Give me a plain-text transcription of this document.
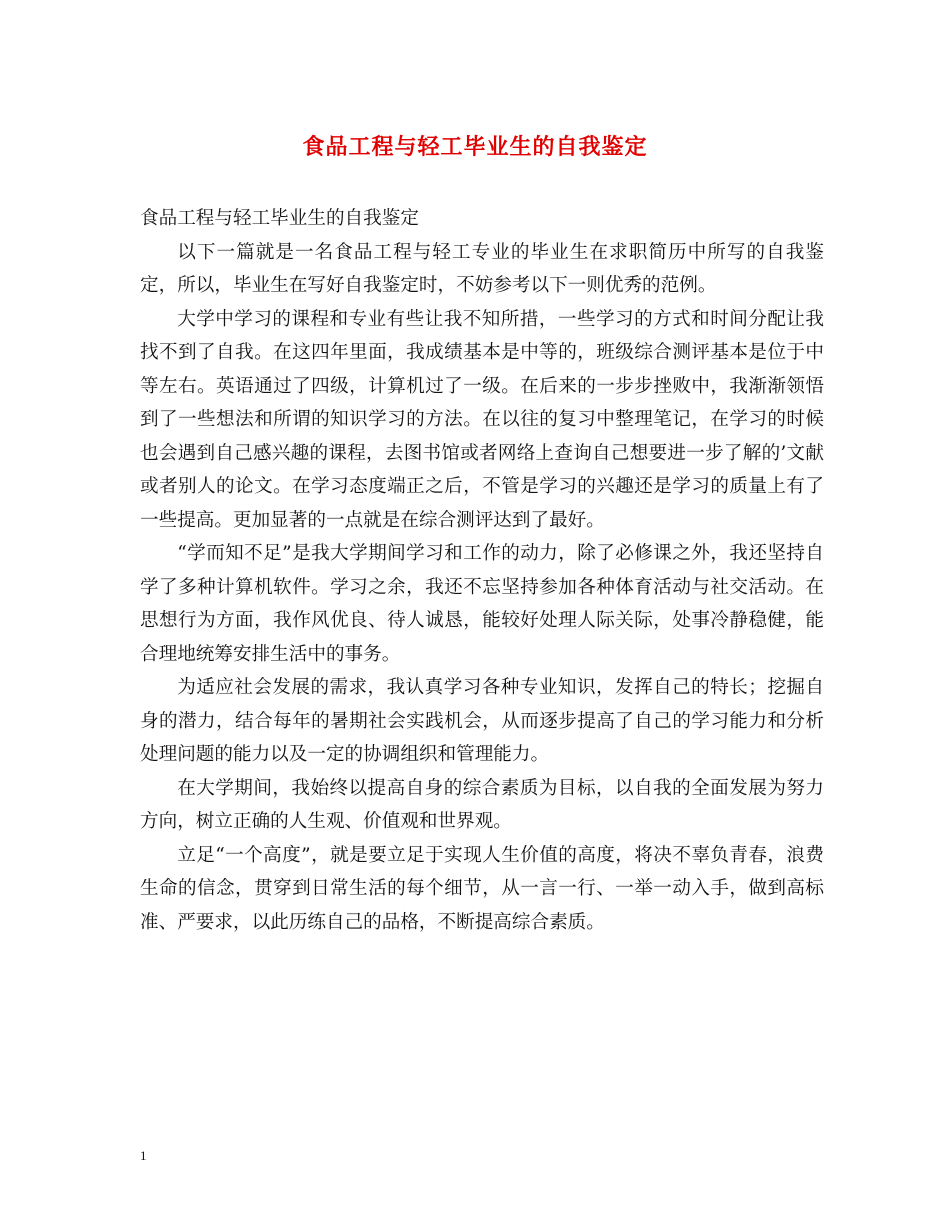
食品工程与轻工毕业生的自我鉴定

食品工程与轻工毕业生的自我鉴定

以下一篇就是一名食品工程与轻工专业的毕业生在求职简历中所写的自我鉴定，所以，毕业生在写好自我鉴定时，不妨参考以下一则优秀的范例。

大学中学习的课程和专业有些让我不知所措，一些学习的方式和时间分配让我找不到了自我。在这四年里面，我成绩基本是中等的，班级综合测评基本是位于中等左右。英语通过了四级，计算机过了一级。在后来的一步步挫败中，我渐渐领悟到了一些想法和所谓的知识学习的方法。在以往的复习中整理笔记，在学习的时候也会遇到自己感兴趣的课程，去图书馆或者网络上查询自己想要进一步了解的’文献或者别人的论文。在学习态度端正之后，不管是学习的兴趣还是学习的质量上有了一些提高。更加显著的一点就是在综合测评达到了最好。

“学而知不足”是我大学期间学习和工作的动力，除了必修课之外，我还坚持自学了多种计算机软件。学习之余，我还不忘坚持参加各种体育活动与社交活动。在思想行为方面，我作风优良、待人诚恳，能较好处理人际关际，处事冷静稳健，能合理地统筹安排生活中的事务。

为适应社会发展的需求，我认真学习各种专业知识，发挥自己的特长；挖掘自身的潜力，结合每年的暑期社会实践机会，从而逐步提高了自己的学习能力和分析处理问题的能力以及一定的协调组织和管理能力。

在大学期间，我始终以提高自身的综合素质为目标，以自我的全面发展为努力方向，树立正确的人生观、价值观和世界观。

立足“一个高度”，就是要立足于实现人生价值的高度，将决不辜负青春，浪费生命的信念，贯穿到日常生活的每个细节，从一言一行、一举一动入手，做到高标准、严要求，以此历练自己的品格，不断提高综合素质。

1
